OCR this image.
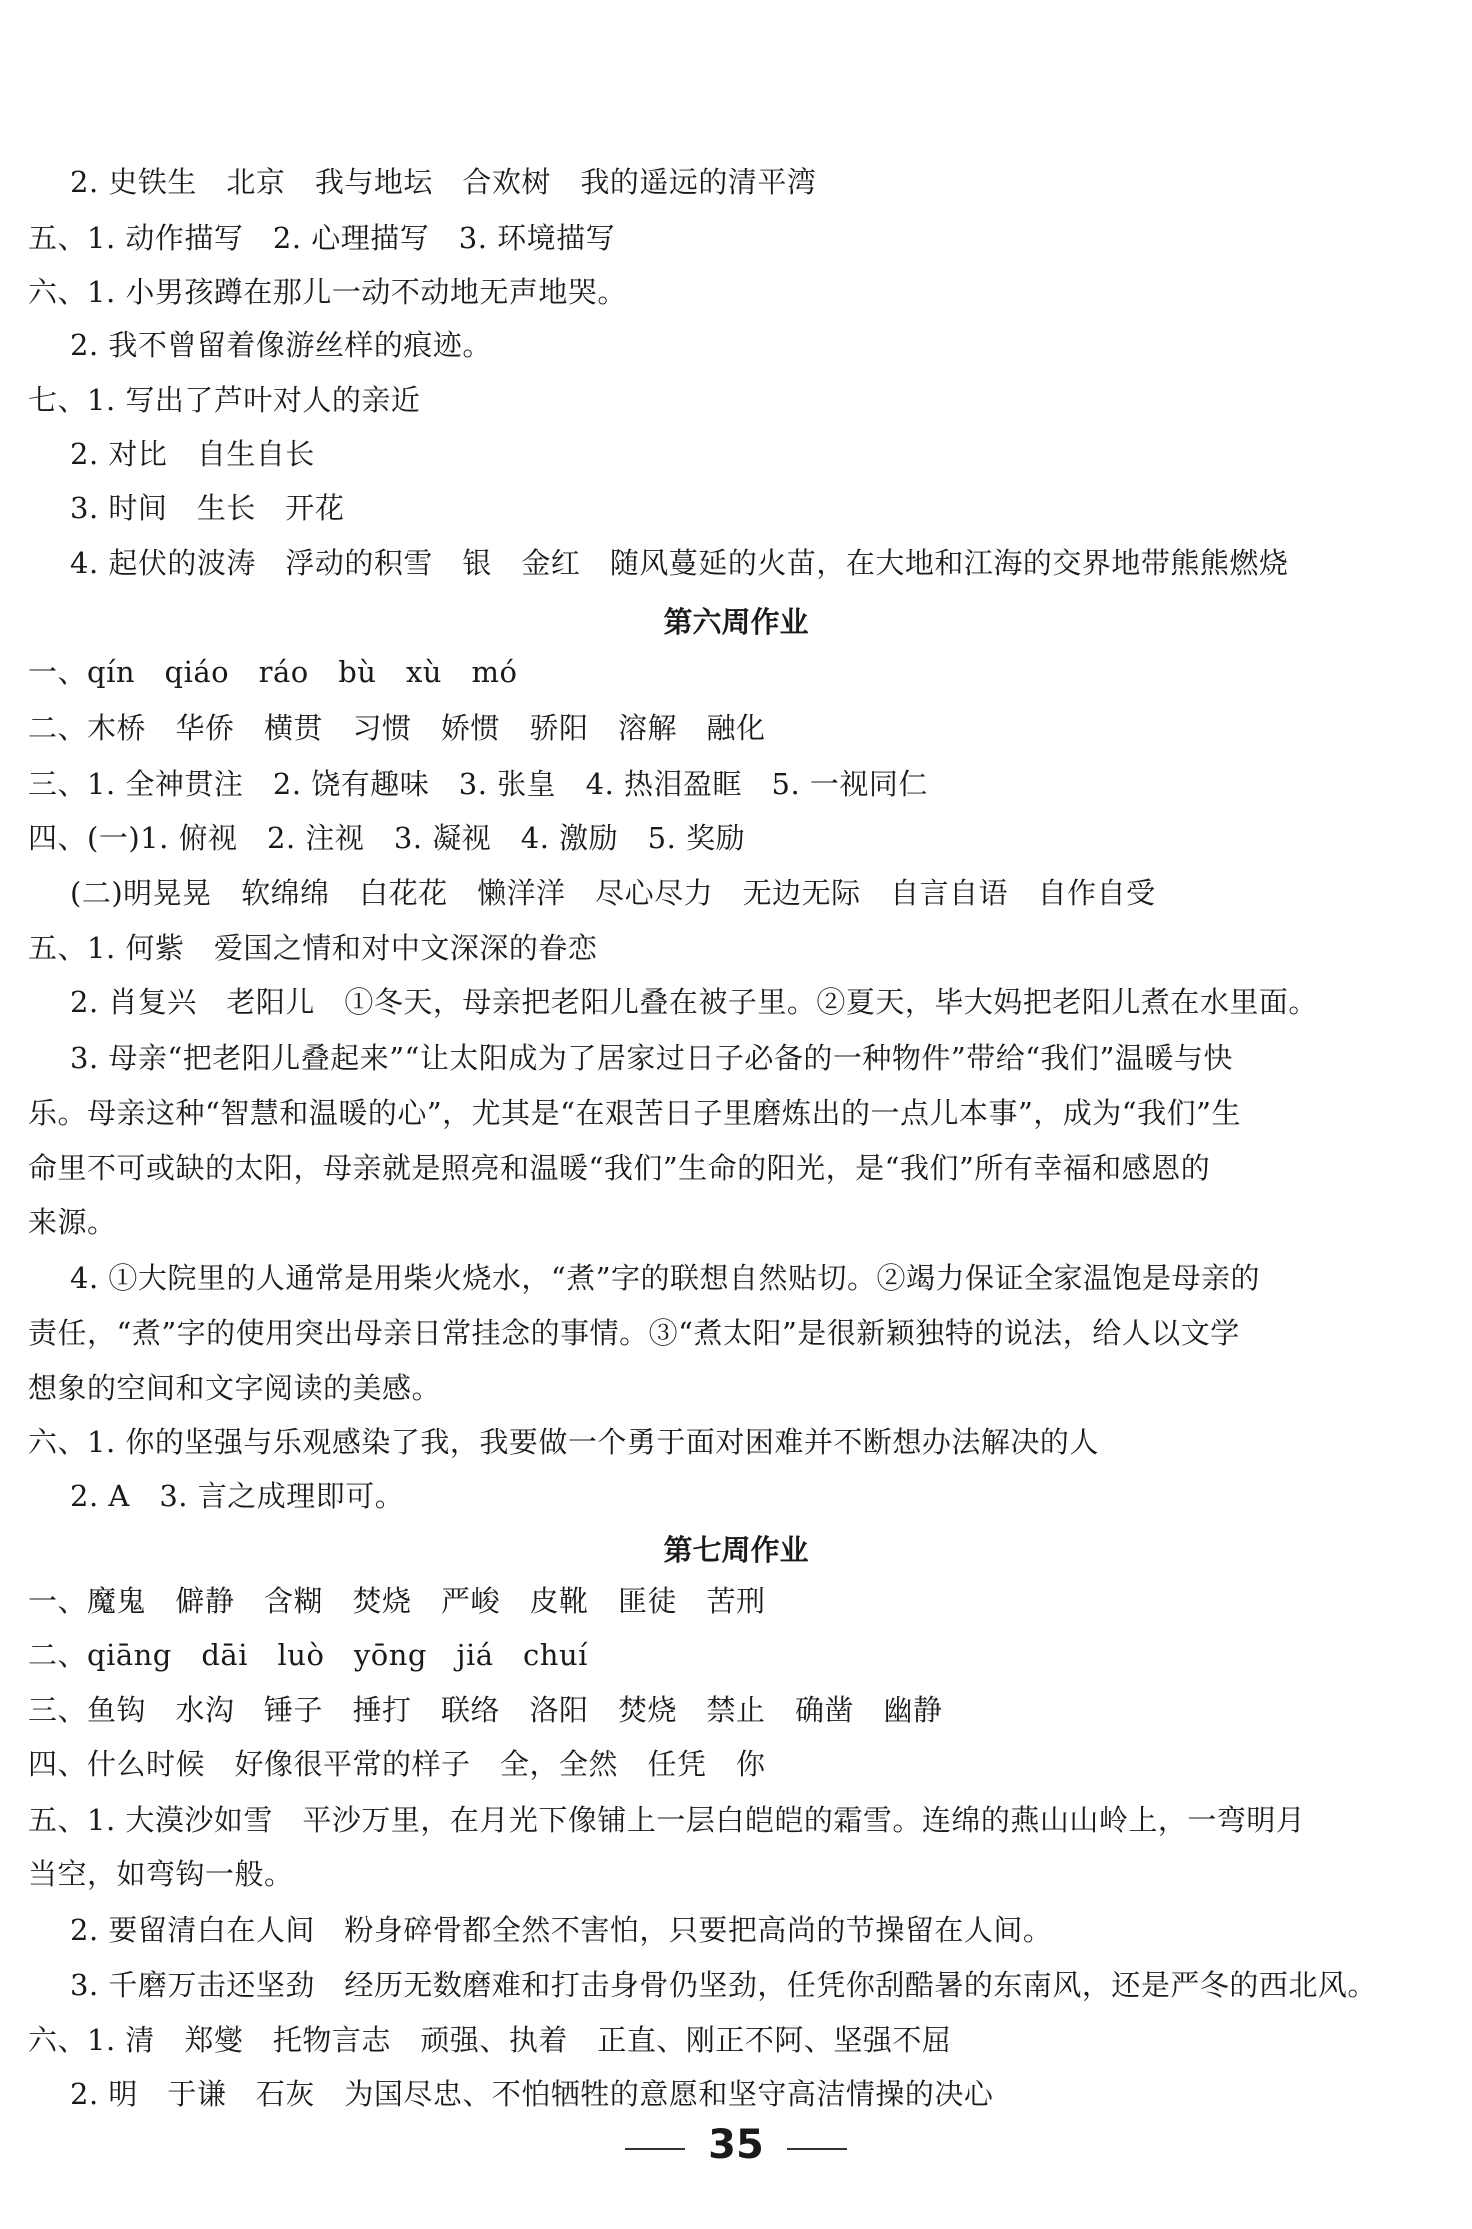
2. 史铁生　北京　我与地坛　合欢树　我的遥远的清平湾
五、1. 动作描写　2. 心理描写　3. 环境描写
六、1. 小男孩蹲在那儿一动不动地无声地哭。
2. 我不曾留着像游丝样的痕迹。
七、1. 写出了芦叶对人的亲近
2. 对比　自生自长
3. 时间　生长　开花
4. 起伏的波涛　浮动的积雪　银　金红　随风蔓延的火苗，在大地和江海的交界地带熊熊燃烧
第六周作业
一、qín　qiáo　ráo　bù　xù　mó
二、木桥　华侨　横贯　习惯　娇惯　骄阳　溶解　融化
三、1. 全神贯注　2. 饶有趣味　3. 张皇　4. 热泪盈眶　5. 一视同仁
四、(一)1. 俯视　2. 注视　3. 凝视　4. 激励　5. 奖励
(二)明晃晃　软绵绵　白花花　懒洋洋　尽心尽力　无边无际　自言自语　自作自受
五、1. 何紫　爱国之情和对中文深深的眷恋
2. 肖复兴　老阳儿　①冬天，母亲把老阳儿叠在被子里。②夏天，毕大妈把老阳儿煮在水里面。
3. 母亲“把老阳儿叠起来”“让太阳成为了居家过日子必备的一种物件”带给“我们”温暖与快
乐。母亲这种“智慧和温暖的心”，尤其是“在艰苦日子里磨炼出的一点儿本事”，成为“我们”生
命里不可或缺的太阳，母亲就是照亮和温暖“我们”生命的阳光，是“我们”所有幸福和感恩的
来源。
4. ①大院里的人通常是用柴火烧水，“煮”字的联想自然贴切。②竭力保证全家温饱是母亲的
责任，“煮”字的使用突出母亲日常挂念的事情。③“煮太阳”是很新颖独特的说法，给人以文学
想象的空间和文字阅读的美感。
六、1. 你的坚强与乐观感染了我，我要做一个勇于面对困难并不断想办法解决的人
2. A　3. 言之成理即可。
第七周作业
一、魔鬼　僻静　含糊　焚烧　严峻　皮靴　匪徒　苦刑
二、qiāng　dāi　luò　yōng　jiá　chuí
三、鱼钩　水沟　锤子　捶打　联络　洛阳　焚烧　禁止　确凿　幽静
四、什么时候　好像很平常的样子　全，全然　任凭　你
五、1. 大漠沙如雪　平沙万里，在月光下像铺上一层白皑皑的霜雪。连绵的燕山山岭上，一弯明月
当空，如弯钩一般。
2. 要留清白在人间　粉身碎骨都全然不害怕，只要把高尚的节操留在人间。
3. 千磨万击还坚劲　经历无数磨难和打击身骨仍坚劲，任凭你刮酷暑的东南风，还是严冬的西北风。
六、1. 清　郑燮　托物言志　顽强、执着　正直、刚正不阿、坚强不屈
2. 明　于谦　石灰　为国尽忠、不怕牺牲的意愿和坚守高洁情操的决心
35
